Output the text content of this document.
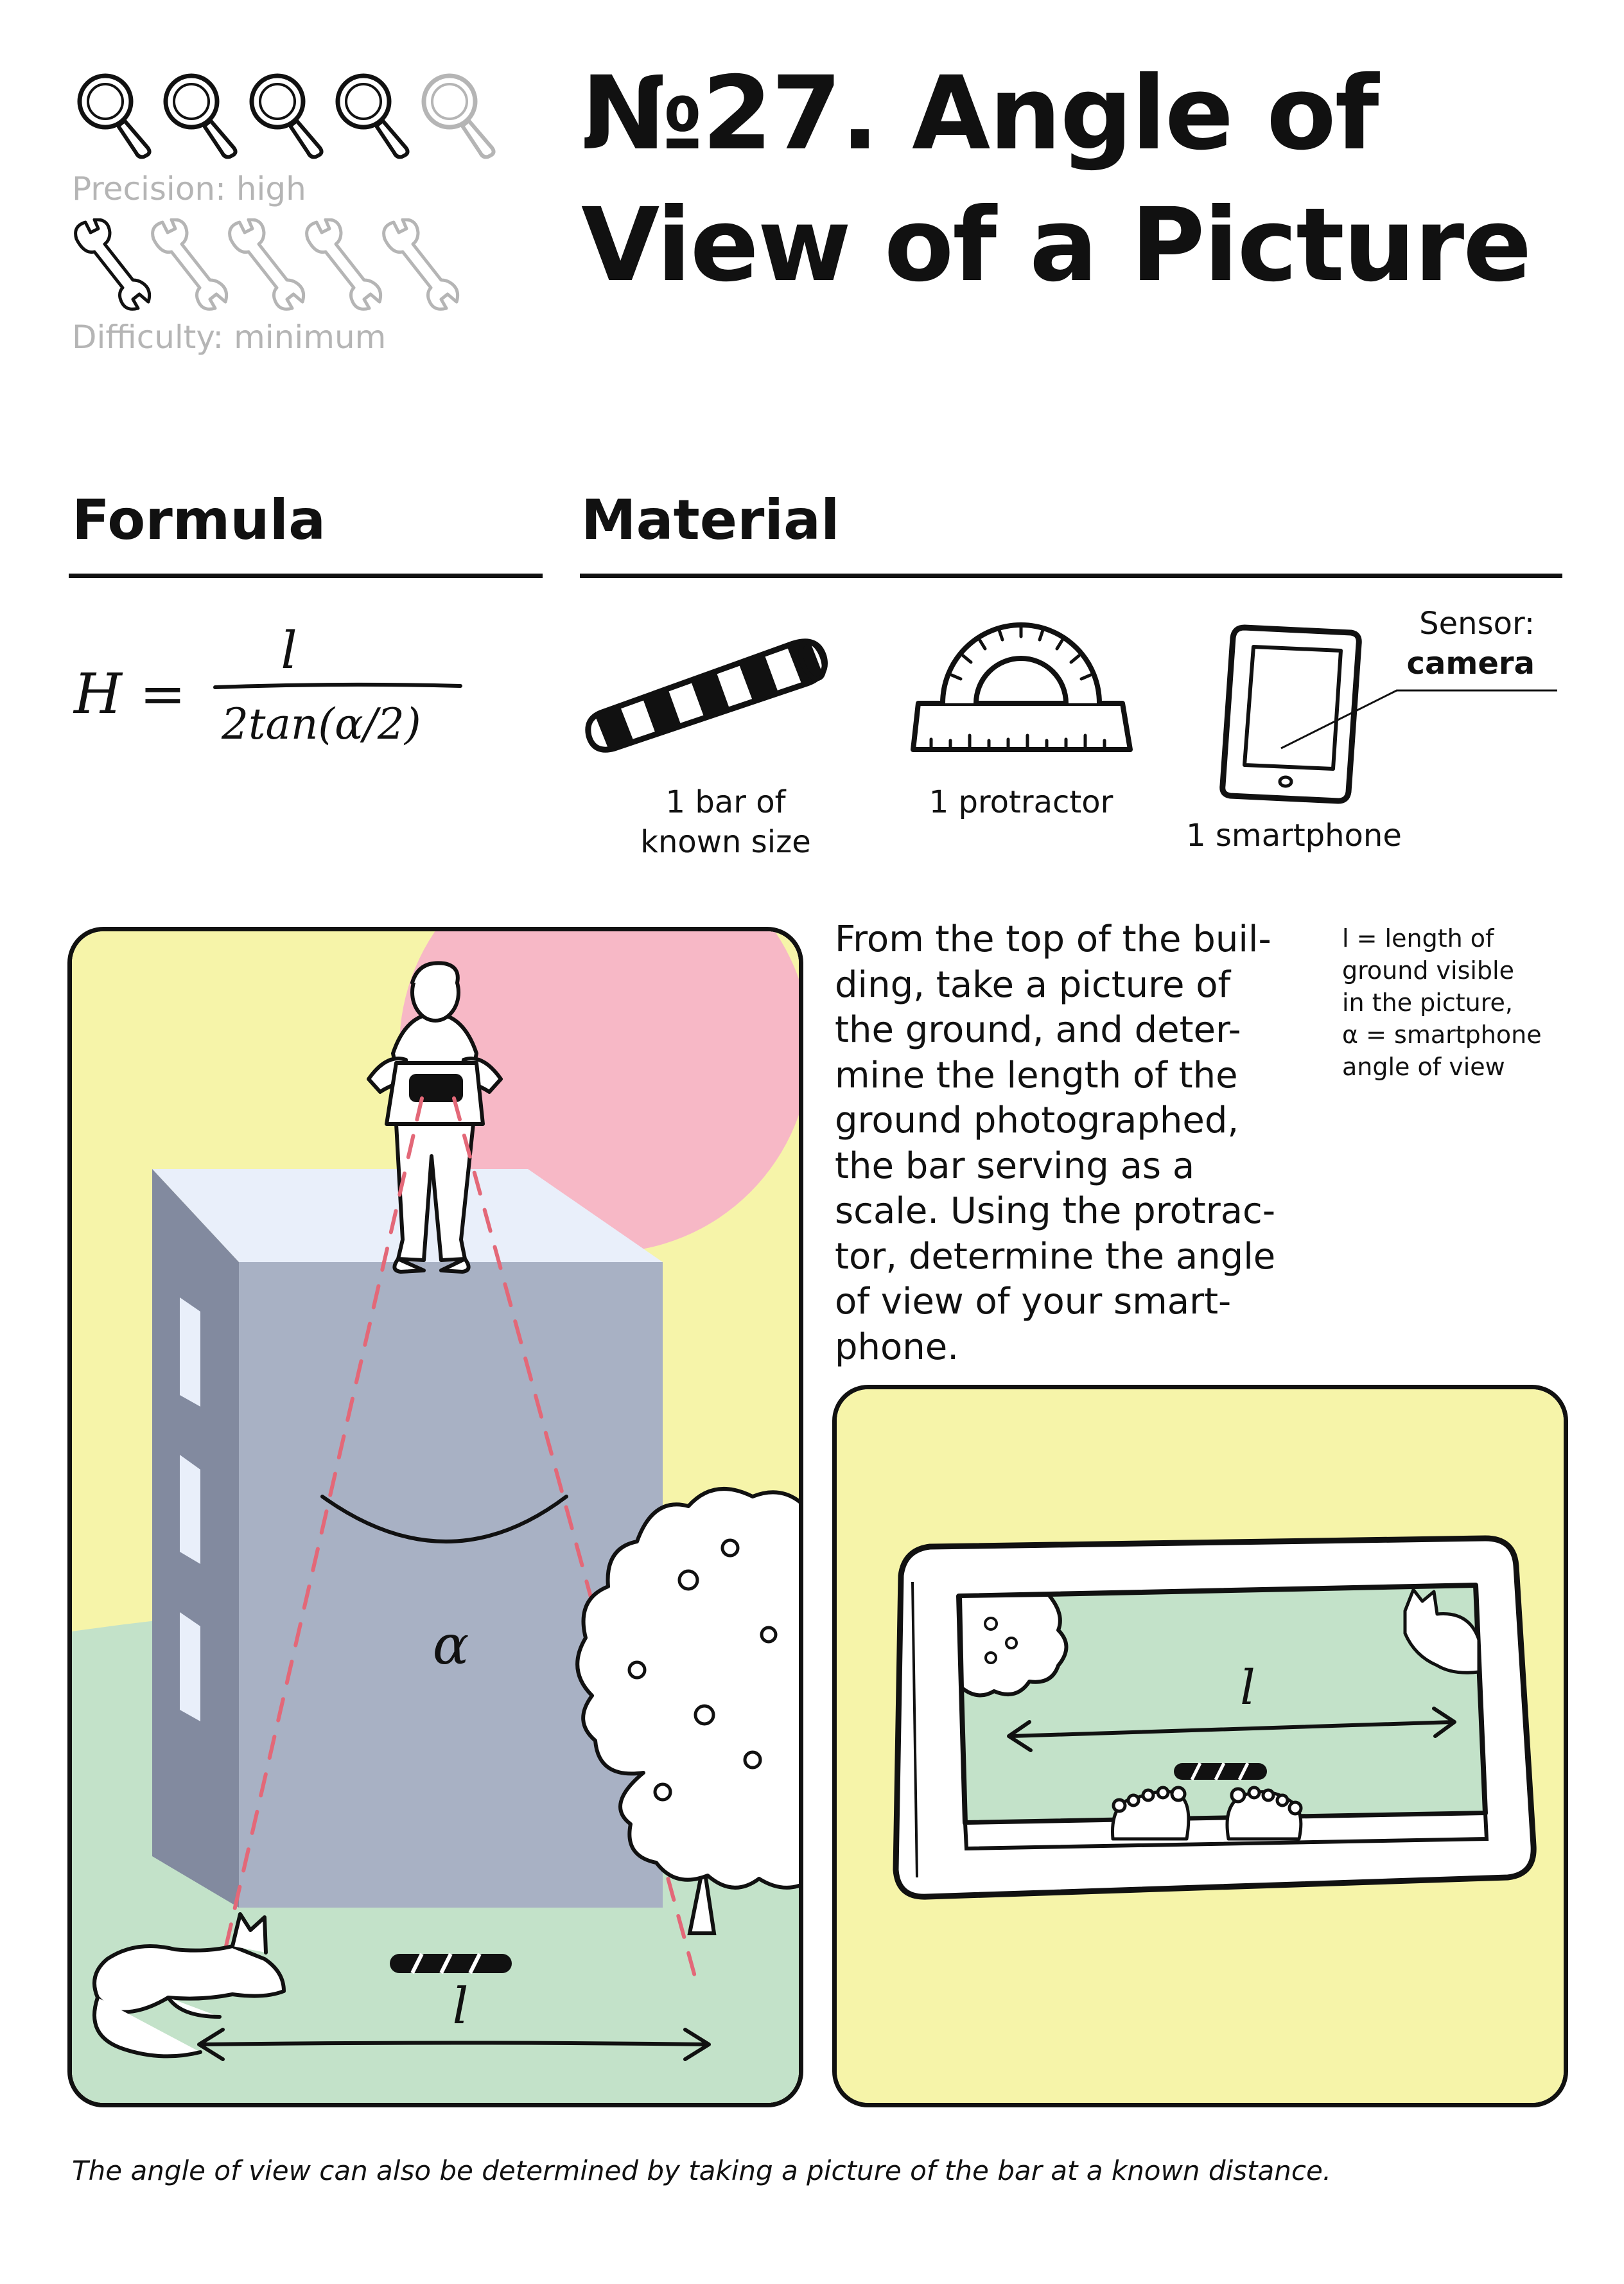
Precision: high
Difficulty: minimum
№27. Angle of View of a Picture
Formula	Material
H =
l
2tan(α/2)
1 bar of
known size
1 protractor
Sensor:
camera
1 smartphone
α
l
From the top of the buil-
ding, take a picture of
the ground, and deter-
mine the length of the
ground photographed,
the bar serving as a
scale. Using the protrac-
tor, determine the angle
of view of your smart-
phone.
l = length of
ground visible
in the picture,
α = smartphone
angle of view
l
The angle of view can also be determined by taking a picture of the bar at a known distance.
